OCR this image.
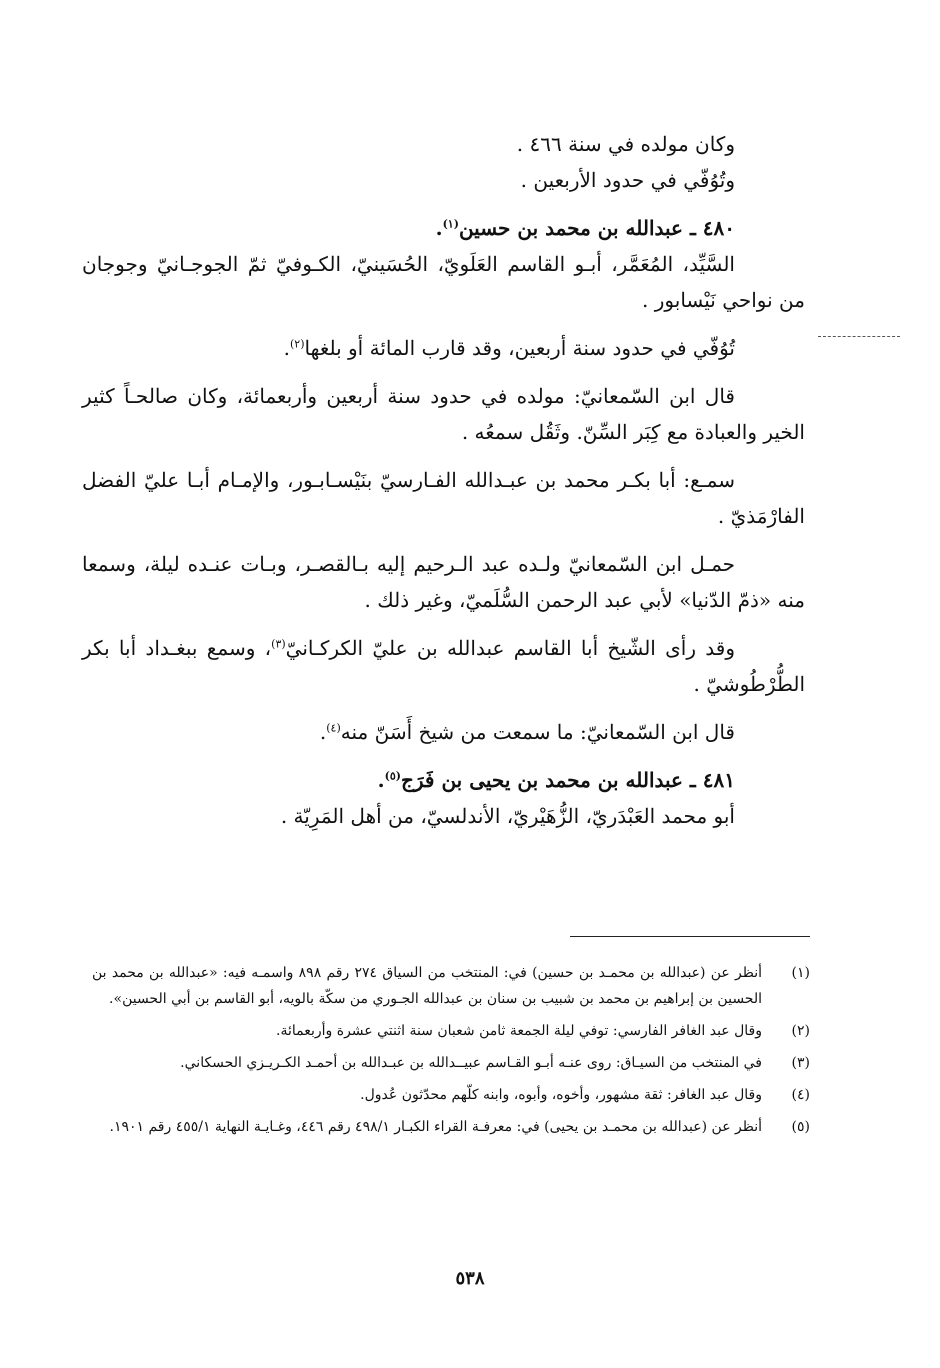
وكان مولده في سنة ٤٦٦ .

وتُوُفّي في حدود الأربعين .

٤٨٠ ـ عبدالله بن محمد بن حسين$^{(١)}$.

السَّيِّد، المُعَمَّر، أبـو القاسم العَلَويّ، الحُسَينيّ، الكـوفيّ ثمّ الجوجـانيّ وجوجان من نواحي نَيْسابور .

تُوُفّي في حدود سنة أربعين، وقد قارب المائة أو بلغها$^{(٢)}$.

قال ابن السّمعانيّ: مولده في حدود سنة أربعين وأربعمائة، وكان صالحـاً كثير الخير والعبادة مع كِبَر السِّنّ. وثَقُل سمعُه .

سمـع: أبا بكـر محمد بن عبـدالله الفـارسيّ بنَيْسـابـور، والإمـام أبـا عليّ الفضل الفارْمَذيّ .

حمـل ابن السّمعانيّ ولـده عبد الـرحيم إليه بـالقصـر، وبـات عنـده ليلة، وسمعا منه «ذمّ الدّنيا» لأبي عبد الرحمن السُّلَميّ، وغير ذلك .

وقد رأى الشّيخ أبا القاسم عبدالله بن عليّ الكركـانيّ$^{(٣)}$، وسمع ببغـداد أبا بكر الطُّرْطُوشيّ .

قال ابن السّمعانيّ: ما سمعت من شيخ أَسَنّ منه$^{(٤)}$.

٤٨١ ـ عبدالله بن محمد بن يحيى بن فَرَج$^{(٥)}$.

أبو محمد العَبْدَريّ، الزُّهَيْريّ، الأندلسيّ، من أهل المَرِيّة .

(١)
أنظر عن (عبدالله بن محمـد بن حسين) في: المنتخب من السياق ٢٧٤ رقم ٨٩٨ واسمـه فيه: «عبدالله بن محمد بن الحسين بن إبراهيم بن محمد بن شبيب بن سنان بن عبدالله الجـوري من سكّة بالويه، أبو القاسم بن أبي الحسين».
(٢)
وقال عبد الغافر الفارسي: توفي ليلة الجمعة ثامن شعبان سنة اثنتي عشرة وأربعمائة.
(٣)
في المنتخب من السيـاق: روى عنـه أبـو القـاسم عبيــدالله بن عبـدالله بن أحمـد الكـريـزي الحسكاني.
(٤)
وقال عبد الغافر: ثقة مشهور، وأخوه، وأبوه، وابنه كلّهم محدّثون عُدول.
(٥)
أنظر عن (عبدالله بن محمـد بن يحيى) في: معرفـة القراء الكبـار ٤٩٨/١ رقم ٤٤٦، وغـايـة النهاية ٤٥٥/١ رقم ١٩٠١.
٥٣٨
